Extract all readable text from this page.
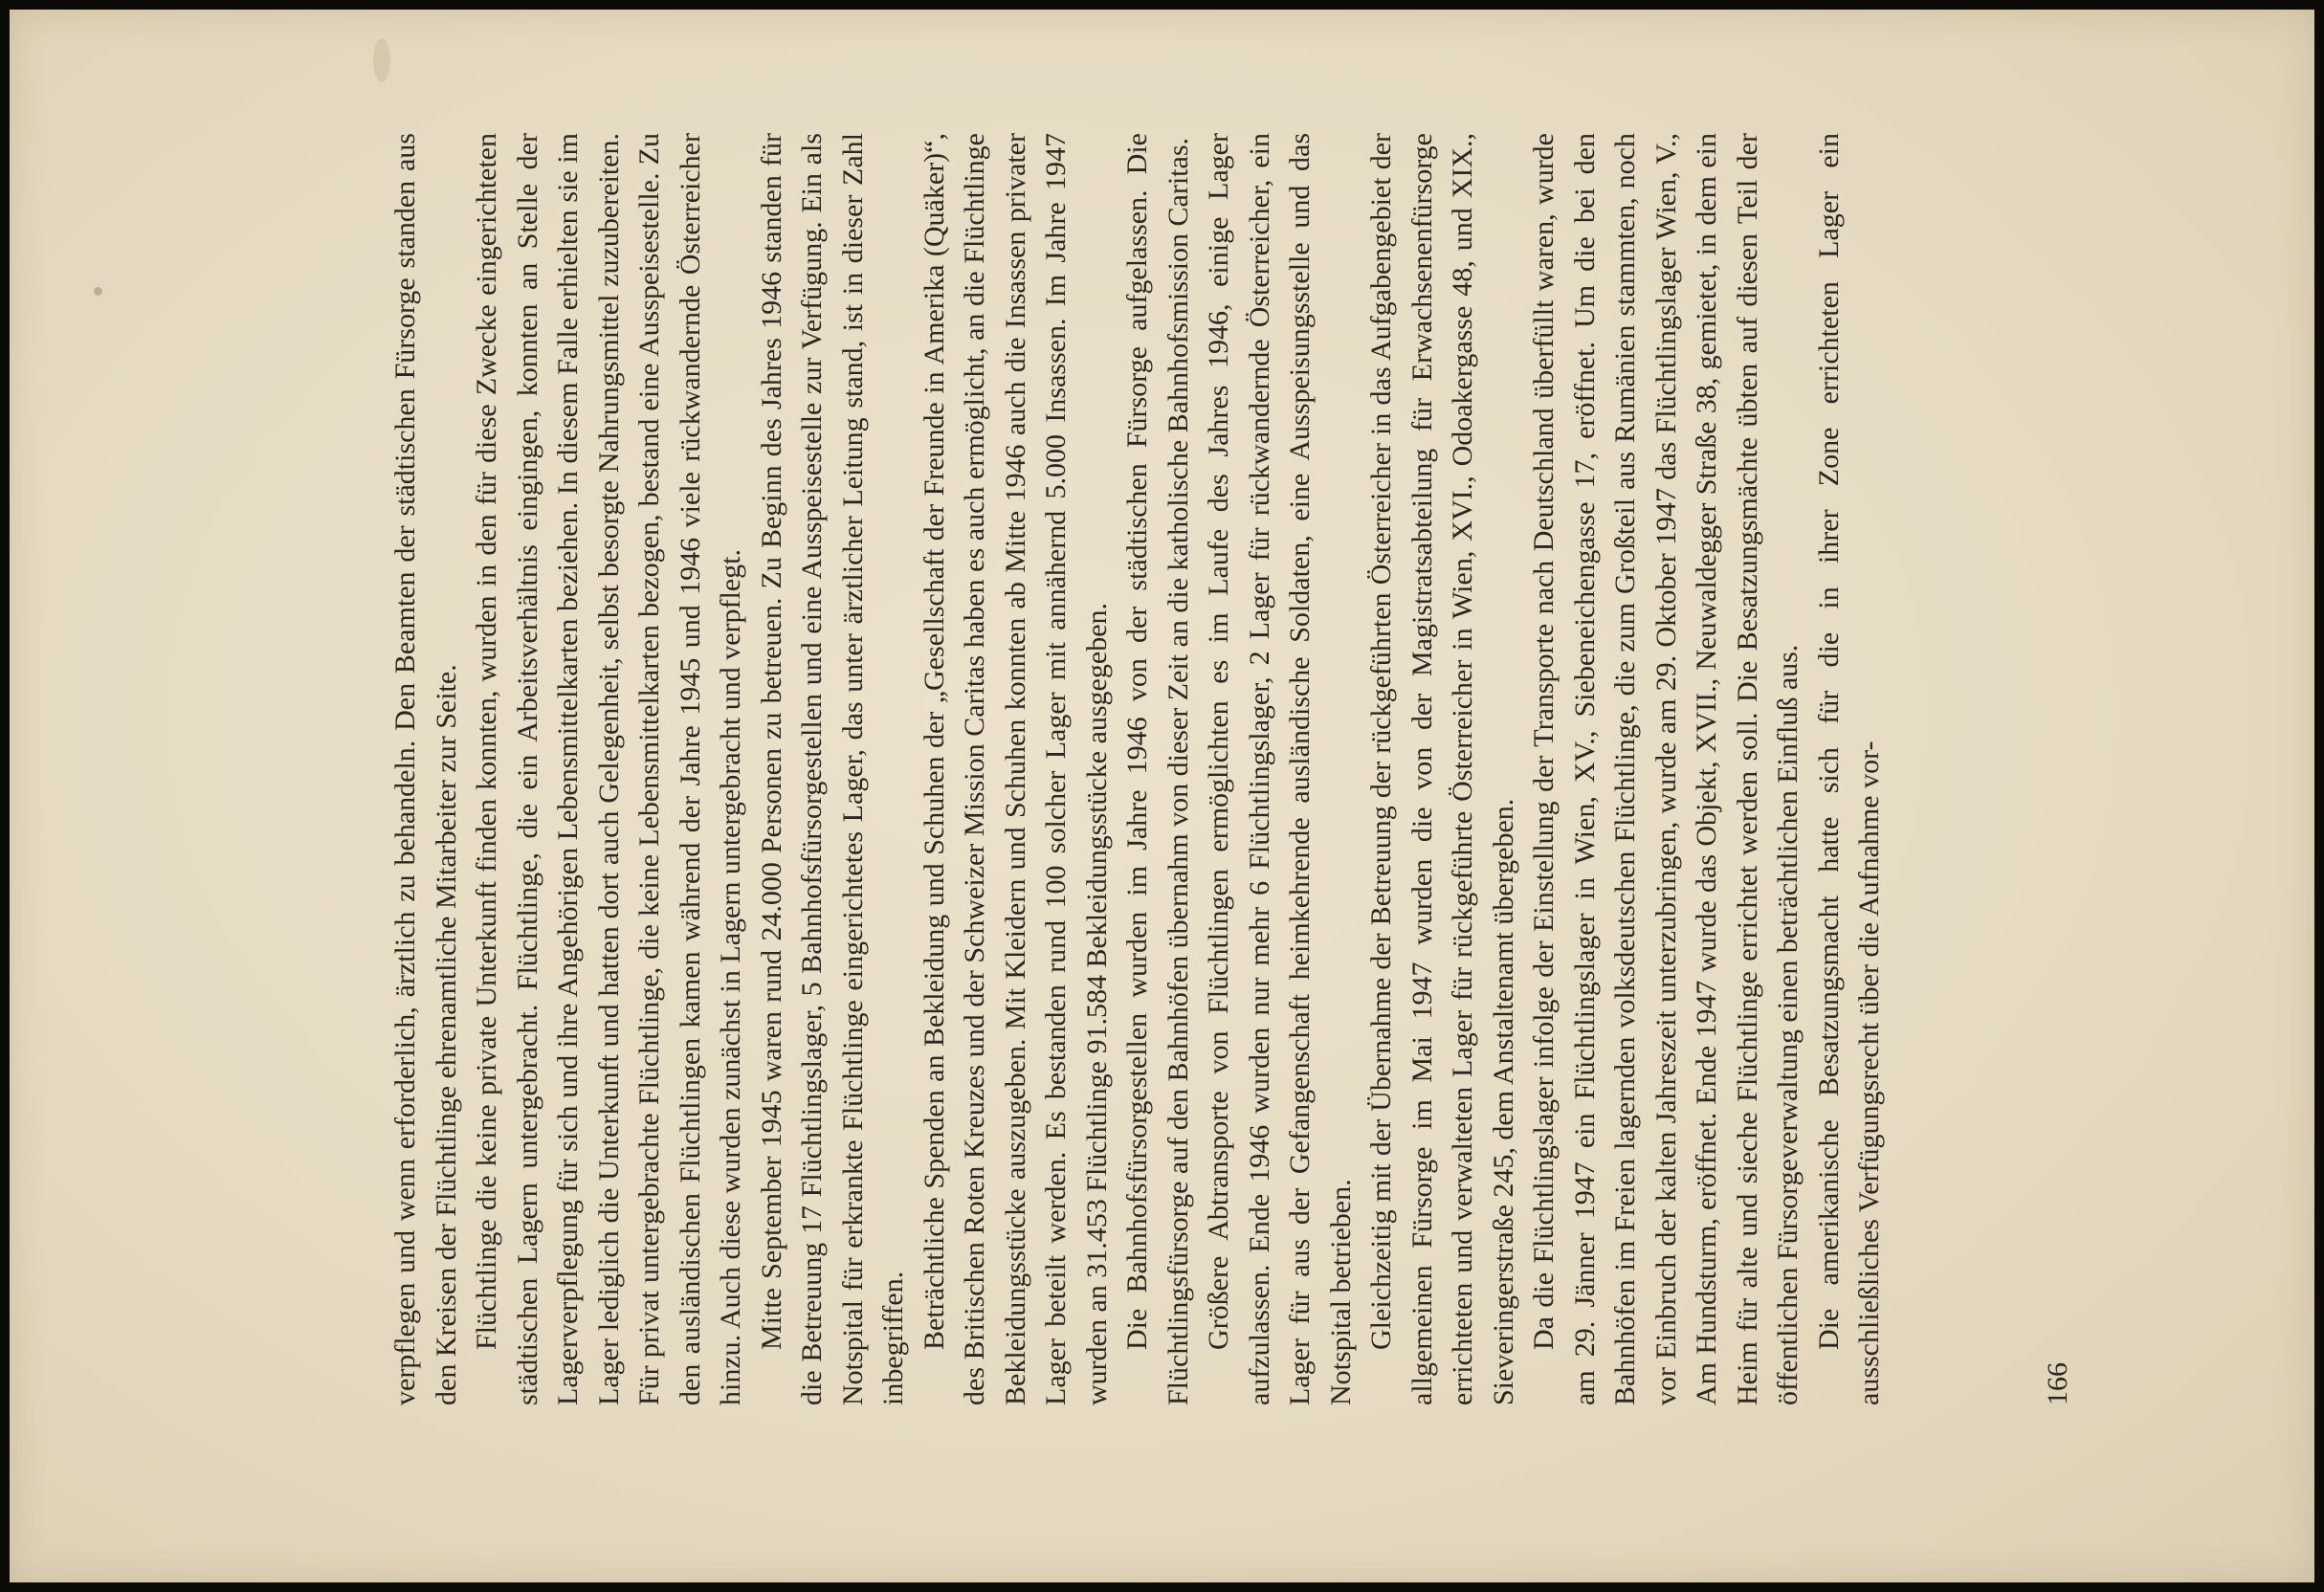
verpflegen und wenn erforderlich, ärztlich zu behandeln. Den Beamten der städtischen Fürsorge standen aus den Kreisen der Flüchtlinge ehrenamtliche Mitarbeiter zur Seite. Flüchtlinge die keine private Unterkunft finden konnten, wurden in den für diese Zwecke eingerichteten städtischen Lagern untergebracht. Flüchtlinge, die ein Arbeitsverhältnis eingingen, konnten an Stelle der Lagerverpflegung für sich und ihre Angehörigen Lebensmittelkarten beziehen. In diesem Falle erhielten sie im Lager lediglich die Unterkunft und hatten dort auch Gelegenheit, selbst besorgte Nahrungsmittel zuzubereiten. Für privat untergebrachte Flüchtlinge, die keine Lebensmittelkarten bezogen, bestand eine Ausspeisestelle. Zu den ausländischen Flüchtlingen kamen während der Jahre 1945 und 1946 viele rückwandernde Österreicher hinzu. Auch diese wurden zunächst in Lagern untergebracht und verpflegt. Mitte September 1945 waren rund 24.000 Personen zu betreuen. Zu Beginn des Jahres 1946 standen für die Betreuung 17 Flüchtlingslager, 5 Bahnhofsfürsorgestellen und eine Ausspeisestelle zur Verfügung. Ein als Notspital für erkrankte Flüchtlinge eingerichtetes Lager, das unter ärztlicher Leitung stand, ist in dieser Zahl inbegriffen. Beträchtliche Spenden an Bekleidung und Schuhen der „Gesellschaft der Freunde in Amerika (Quäker)“, des Britischen Roten Kreuzes und der Schweizer Mission Caritas haben es auch ermöglicht, an die Flüchtlinge Bekleidungsstücke auszugeben. Mit Kleidern und Schuhen konnten ab Mitte 1946 auch die Insassen privater Lager beteilt werden. Es bestanden rund 100 solcher Lager mit annähernd 5.000 Insassen. Im Jahre 1947 wurden an 31.453 Flüchtlinge 91.584 Bekleidungsstücke ausgegeben. Die Bahnhofsfürsorgestellen wurden im Jahre 1946 von der städtischen Fürsorge aufgelassen. Die Flüchtlingsfürsorge auf den Bahnhöfen übernahm von dieser Zeit an die katholische Bahnhofsmission Caritas. Größere Abtransporte von Flüchtlingen ermöglichten es im Laufe des Jahres 1946, einige Lager aufzulassen. Ende 1946 wurden nur mehr 6 Flüchtlingslager, 2 Lager für rückwandernde Österreicher, ein Lager für aus der Gefangenschaft heimkehrende ausländische Soldaten, eine Ausspeisungsstelle und das Notspital betrieben. Gleichzeitig mit der Übernahme der Betreuung der rückgeführten Österreicher in das Aufgabengebiet der allgemeinen Fürsorge im Mai 1947 wurden die von der Magistratsabteilung für Erwachsenenfürsorge errichteten und verwalteten Lager für rückgeführte Österreicher in Wien, XVI., Odoakergasse 48, und XIX., Sieveringerstraße 245, dem Anstaltenamt übergeben. Da die Flüchtlingslager infolge der Einstellung der Transporte nach Deutschland überfüllt waren, wurde am 29. Jänner 1947 ein Flüchtlingslager in Wien, XV., Siebeneichengasse 17, eröffnet. Um die bei den Bahnhöfen im Freien lagernden volksdeutschen Flüchtlinge, die zum Großteil aus Rumänien stammten, noch vor Einbruch der kalten Jahreszeit unterzubringen, wurde am 29. Oktober 1947 das Flüchtlingslager Wien, V., Am Hundsturm, eröffnet. Ende 1947 wurde das Objekt, XVII., Neuwaldegger Straße 38, gemietet, in dem ein Heim für alte und sieche Flüchtlinge errichtet werden soll. Die Besatzungsmächte übten auf diesen Teil der öffentlichen Fürsorgeverwaltung einen beträchtlichen Einfluß aus. Die amerikanische Besatzungsmacht hatte sich für die in ihrer Zone errichteten Lager ein ausschließliches Verfügungsrecht über die Aufnahme vor-	166
